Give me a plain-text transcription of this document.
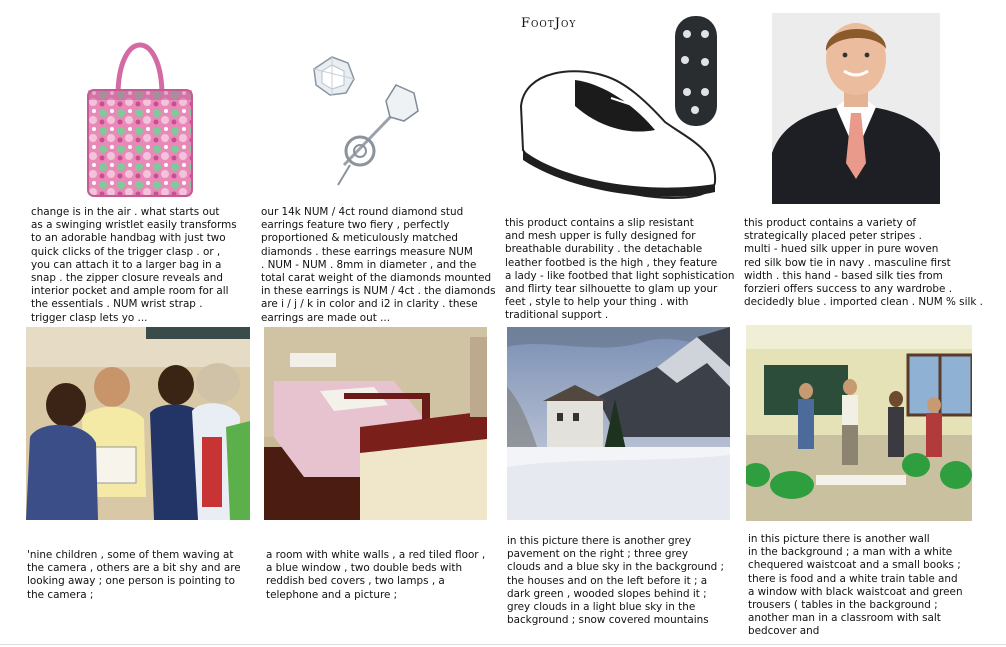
change is in the air . what starts out
as a swinging wristlet easily transforms
to an adorable handbag with just two
quick clicks of the trigger clasp . or ,
you can attach it to a larger bag in a
snap . the zipper closure reveals and
interior pocket and ample room for all
the essentials . NUM wrist strap .
trigger clasp lets yo ...
our 14k NUM / 4ct round diamond stud
earrings feature two fiery , perfectly
proportioned & meticulously matched
diamonds . these earrings measure NUM
. NUM - NUM . 8mm in diameter , and the
total carat weight of the diamonds mounted
in these earrings is NUM / 4ct . the diamonds
are i / j / k in color and i2 in clarity . these
earrings are made out ...
FootJoy
this product contains a slip resistant
and mesh upper is fully designed for
breathable durability . the detachable
leather footbed is the high , they feature
a lady - like footbed that light sophistication
and flirty tear silhouette to glam up your
feet , style to help your thing . with
traditional support .
this product contains a variety of
strategically placed peter stripes .
multi - hued silk upper in pure woven
red silk bow tie in navy . masculine first
width . this hand - based silk ties from
forzieri offers success to any wardrobe .
decidedly blue . imported clean . NUM % silk .
'nine children , some of them waving at
the camera , others are a bit shy and are
looking away ; one person is pointing to
the camera ;
a room with white walls , a red tiled floor ,
a blue window , two double beds with
reddish bed covers , two lamps , a
telephone and a picture ;
in this picture there is another grey
pavement on the right ; three grey
clouds and a blue sky in the background ;
the houses and on the left before it ; a
dark green , wooded slopes behind it ;
grey clouds in a light blue sky in the
background ; snow covered mountains
in this picture there is another wall
in the background ; a man with a white
chequered waistcoat and a small books ;
there is food and a white train table and
a window with black waistcoat and green
trousers ( tables in the background ;
another man in a classroom with salt
bedcover and
